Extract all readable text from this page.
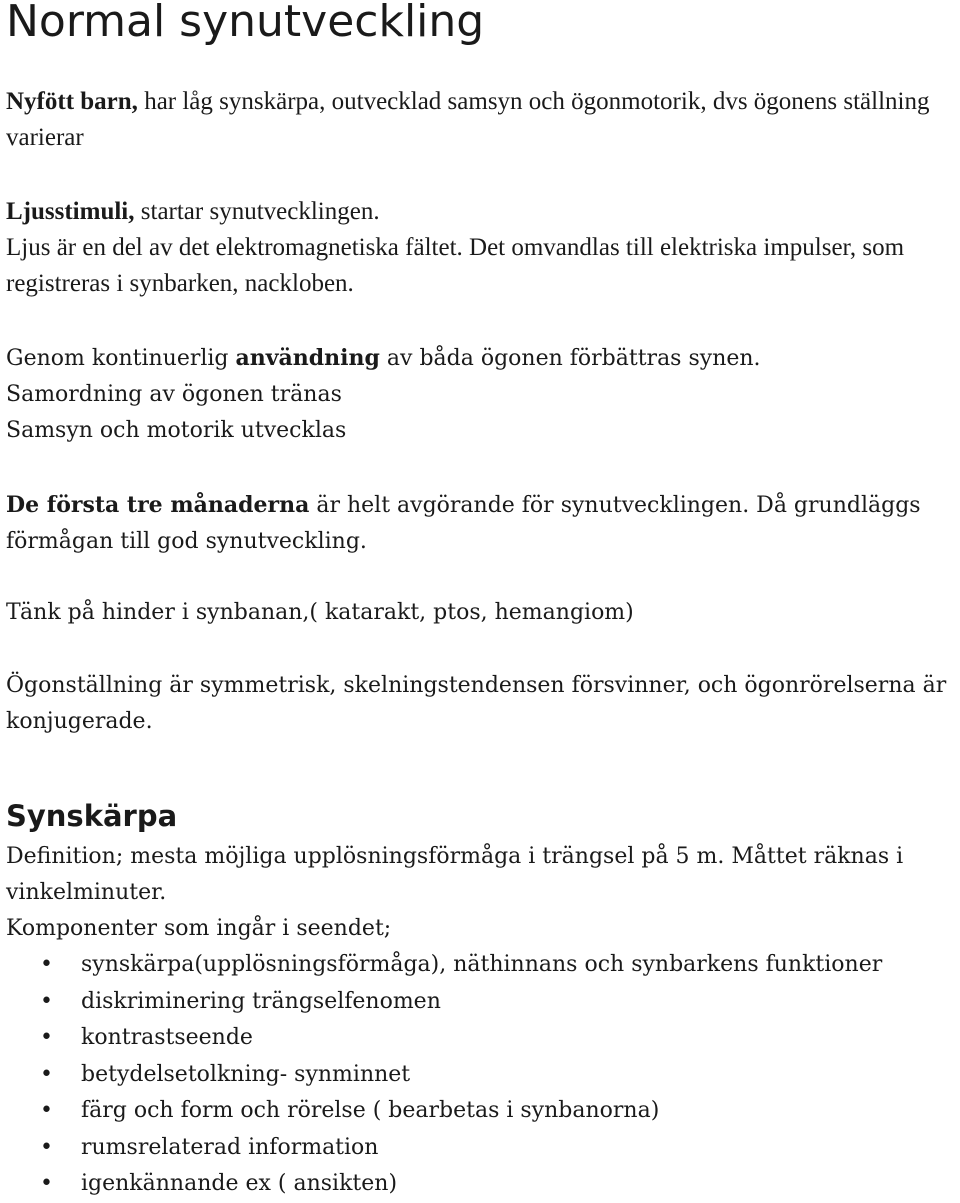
Normal synutveckling

Nyfött barn, har låg synskärpa, outvecklad samsyn och ögonmotorik, dvs ögonens ställning varierar

Ljusstimuli, startar synutvecklingen.
Ljus är en del av det elektromagnetiska fältet. Det omvandlas till elektriska impulser, som registreras i synbarken, nackloben.

Genom kontinuerlig användning av båda ögonen förbättras synen.
Samordning av ögonen tränas
Samsyn och motorik utvecklas

De första tre månaderna är helt avgörande för synutvecklingen. Då grundläggs förmågan till god synutveckling.

Tänk på hinder i synbanan,( katarakt, ptos, hemangiom)

Ögonställning är symmetrisk, skelningstendensen försvinner, och ögonrörelserna är konjugerade.

Synskärpa

Definition; mesta möjliga upplösningsförmåga i trängsel på 5 m. Måttet räknas i vinkelminuter.

Komponenter som ingår i seendet;

• synskärpa(upplösningsförmåga), näthinnans och synbarkens funktioner
• diskriminering trängselfenomen
• kontrastseende
• betydelsetolkning- synminnet
• färg och form och rörelse ( bearbetas i synbanorna)
• rumsrelaterad information
• igenkännande ex ( ansikten)
